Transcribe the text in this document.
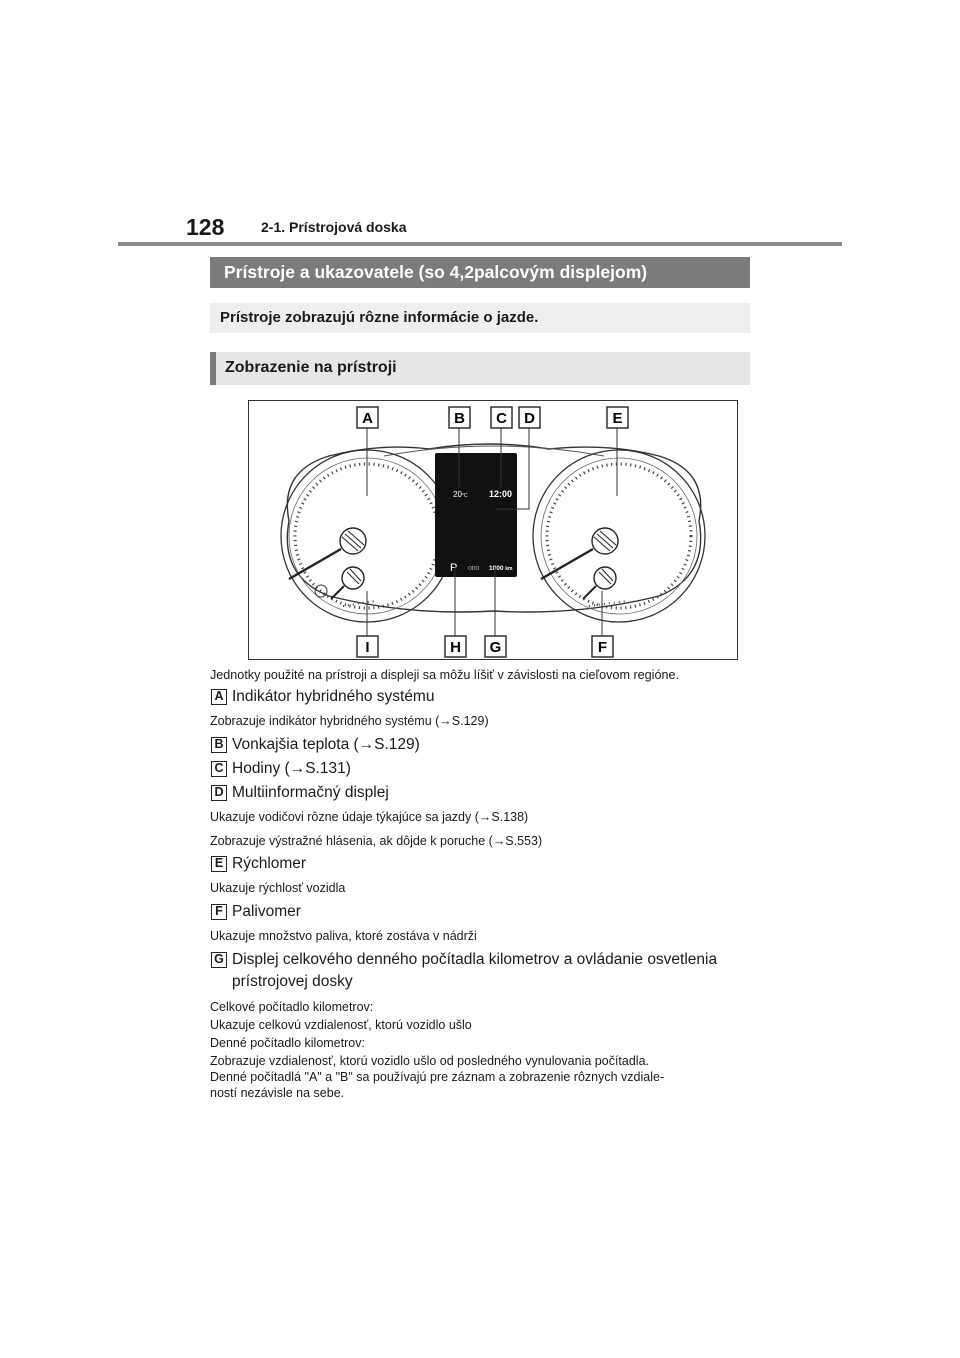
128	2-1. Prístrojová doska
Prístroje a ukazovatele (so 4,2palcovým displejom)
Prístroje zobrazujú rôzne informácie o jazde.
Zobrazenie na prístroji
20°C 12:00
P ODO 1000 km
A	B C D	E
I	H G	F
Jednotky použité na prístroji a displeji sa môžu líšiť v závislosti na cieľovom regióne.
A Indikátor hybridného systému
Zobrazuje indikátor hybridného systému (→S.129)
B Vonkajšia teplota (→S.129)
C Hodiny (→S.131)
D Multiinformačný displej
Ukazuje vodičovi rôzne údaje týkajúce sa jazdy (→S.138)
Zobrazuje výstražné hlásenia, ak dôjde k poruche (→S.553)
E Rýchlomer
Ukazuje rýchlosť vozidla
F Palivomer
Ukazuje množstvo paliva, ktoré zostáva v nádrži
G Displej celkového denného počítadla kilometrov a ovládanie osvetlenia prístrojovej dosky
Celkové počítadlo kilometrov:
Ukazuje celkovú vzdialenosť, ktorú vozidlo ušlo
Denné počítadlo kilometrov:
Zobrazuje vzdialenosť, ktorú vozidlo ušlo od posledného vynulovania počítadla.
Denné počítadlá "A" a "B" sa používajú pre záznam a zobrazenie rôznych vzdiale-
ností nezávisle na sebe.
